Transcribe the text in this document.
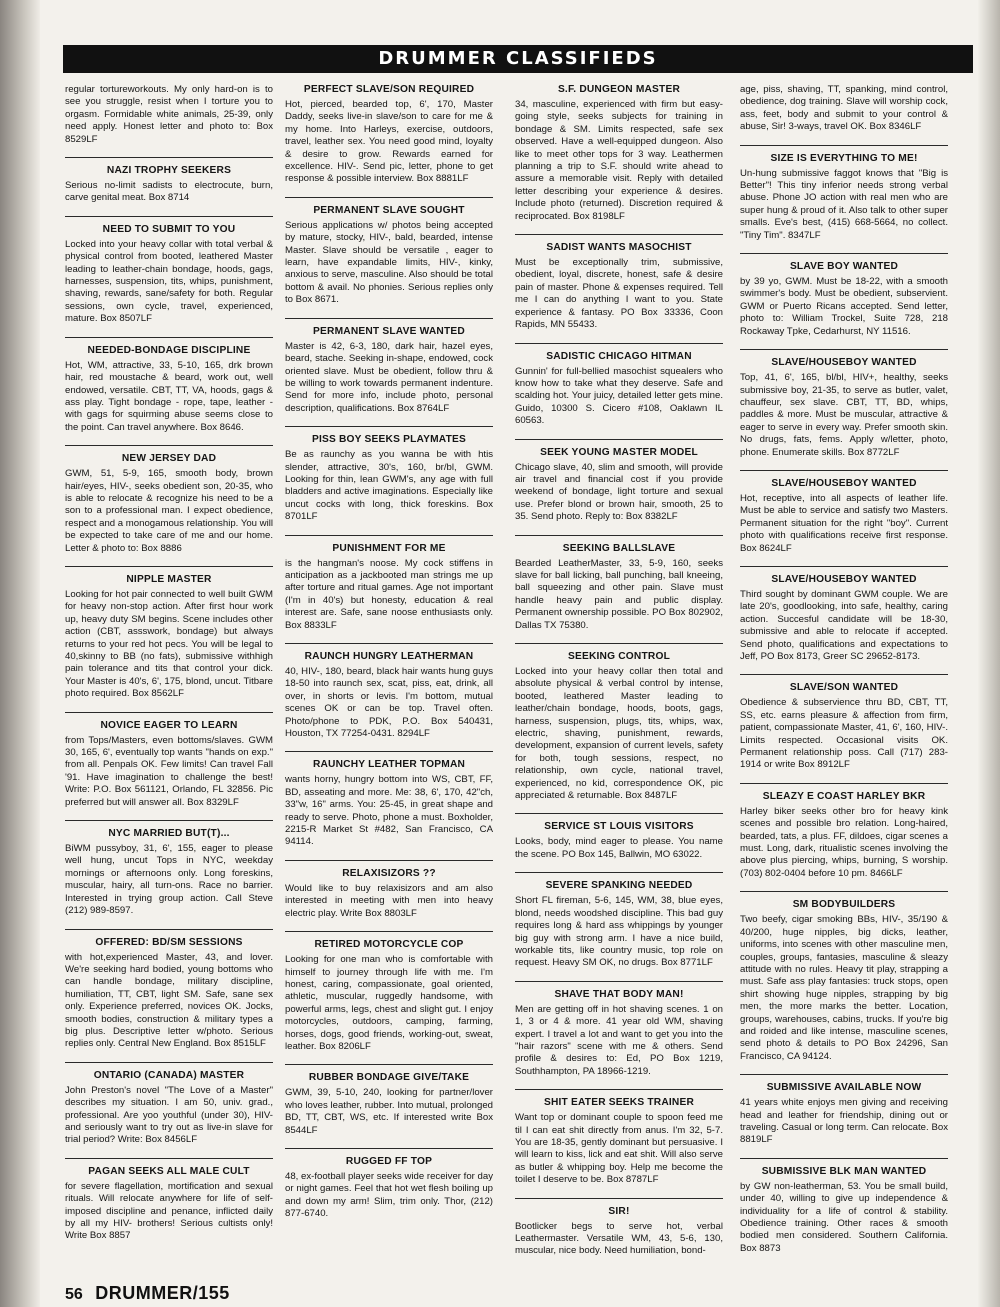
DRUMMER CLASSIFIEDS

regular tortureworkouts. My only hard-on is to see you struggle, resist when I torture you to orgasm. Formidable white animals, 25-39, only need apply. Honest letter and photo to: Box 8529LF

NAZI TROPHY SEEKERS

Serious no-limit sadists to electrocute, burn, carve genital meat. Box 8714

NEED TO SUBMIT TO YOU

Locked into your heavy collar with total verbal & physical control from booted, leathered Master leading to leather-chain bondage, hoods, gags, harnesses, suspension, tits, whips, punishment, shaving, rewards, sane/safety for both. Regular sessions, own cycle, travel, experienced, mature. Box 8507LF

NEEDED-BONDAGE DISCIPLINE

Hot, WM, attractive, 33, 5-10, 165, drk brown hair, red moustache & beard, work out, well endowed, versatile. CBT, TT, VA, hoods, gags & ass play. Tight bondage - rope, tape, leather - with gags for squirming abuse seems close to the point. Can travel anywhere. Box 8646.

NEW JERSEY DAD

GWM, 51, 5-9, 165, smooth body, brown hair/eyes, HIV-, seeks obedient son, 20-35, who is able to relocate & recognize his need to be a son to a professional man. I expect obedience, respect and a monogamous relationship. You will be expected to take care of me and our home. Letter & photo to: Box 8886

NIPPLE MASTER

Looking for hot pair connected to well built GWM for heavy non-stop action. After first hour work up, heavy duty SM begins. Scene includes other action (CBT, assswork, bondage) but always returns to your red hot pecs. You will be legal to 40,skinny to BB (no fats), submissive withhigh pain tolerance and tits that control your dick. Your Master is 40's, 6', 175, blond, uncut. Titbare photo required. Box 8562LF

NOVICE EAGER TO LEARN

from Tops/Masters, even bottoms/slaves. GWM 30, 165, 6', eventually top wants "hands on exp." from all. Penpals OK. Few limits! Can travel Fall '91. Have imagination to challenge the best! Write: P.O. Box 561121, Orlando, FL 32856. Pic preferred but will answer all. Box 8329LF

NYC MARRIED BUT(T)...

BiWM pussyboy, 31, 6', 155, eager to please well hung, uncut Tops in NYC, weekday mornings or afternoons only. Long foreskins, muscular, hairy, all turn-ons. Race no barrier. Interested in trying group action. Call Steve (212) 989-8597.

OFFERED: BD/SM SESSIONS

with hot,experienced Master, 43, and lover. We're seeking hard bodied, young bottoms who can handle bondage, military discipline, humiliation, TT, CBT, light SM. Safe, sane sex only. Experience preferred, novices OK. Jocks, smooth bodies, construction & military types a big plus. Descriptive letter w/photo. Serious replies only. Central New England. Box 8515LF

ONTARIO (CANADA) MASTER

John Preston's novel "The Love of a Master" describes my situation. I am 50, univ. grad., professional. Are yoo youthful (under 30), HIV- and seriously want to try out as live-in slave for trial period? Write: Box 8456LF

PAGAN SEEKS ALL MALE CULT

for severe flagellation, mortification and sexual rituals. Will relocate anywhere for life of self-imposed discipline and penance, inflicted daily by all my HIV- brothers! Serious cultists only! Write Box 8857

PERFECT SLAVE/SON REQUIRED

Hot, pierced, bearded top, 6', 170, Master Daddy, seeks live-in slave/son to care for me & my home. Into Harleys, exercise, outdoors, travel, leather sex. You need good mind, loyalty & desire to grow. Rewards earned for excellence. HIV-. Send pic, letter, phone to get response & possible interview. Box 8881LF

PERMANENT SLAVE SOUGHT

Serious applications w/ photos being accepted by mature, stocky, HIV-, bald, bearded, intense Master. Slave should be versatile , eager to learn, have expandable limits, HIV-, kinky, anxious to serve, masculine. Also should be total bottom & avail. No phonies. Serious replies only to Box 8671.

PERMANENT SLAVE WANTED

Master is 42, 6-3, 180, dark hair, hazel eyes, beard, stache. Seeking in-shape, endowed, cock oriented slave. Must be obedient, follow thru & be willing to work towards permanent indenture. Send for more info, include photo, personal description, qualifications. Box 8764LF

PISS BOY SEEKS PLAYMATES

Be as raunchy as you wanna be with htis slender, attractive, 30's, 160, br/bl, GWM. Looking for thin, lean GWM's, any age with full bladders and active imaginations. Especially like uncut cocks with long, thick foreskins. Box 8701LF

PUNISHMENT FOR ME

is the hangman's noose. My cock stiffens in anticipation as a jackbooted man strings me up after torture and ritual games. Age not important (I'm in 40's) but honesty, education & real interest are. Safe, sane noose enthusiasts only. Box 8833LF

RAUNCH HUNGRY LEATHERMAN

40, HIV-, 180, beard, black hair wants hung guys 18-50 into raunch sex, scat, piss, eat, drink, all over, in shorts or levis. I'm bottom, mutual scenes OK or can be top. Travel often. Photo/phone to PDK, P.O. Box 540431, Houston, TX 77254-0431. 8294LF

RAUNCHY LEATHER TOPMAN

wants horny, hungry bottom into WS, CBT, FF, BD, asseating and more. Me: 38, 6', 170, 42"ch, 33"w, 16" arms. You: 25-45, in great shape and ready to serve. Photo, phone a must. Boxholder, 2215-R Market St #482, San Francisco, CA 94114.

RELAXISIZORS ??

Would like to buy relaxisizors and am also interested in meeting with men into heavy electric play. Write Box 8803LF

RETIRED MOTORCYCLE COP

Looking for one man who is comfortable with himself to journey through life with me. I'm honest, caring, compassionate, goal oriented, athletic, muscular, ruggedly handsome, with powerful arms, legs, chest and slight gut. I enjoy motorcycles, outdoors, camping, farming, horses, dogs, good friends, working-out, sweat, leather. Box 8206LF

RUBBER BONDAGE GIVE/TAKE

GWM, 39, 5-10, 240, looking for partner/lover who loves leather, rubber. Into mutual, prolonged BD, TT, CBT, WS, etc. If interested write Box 8544LF

RUGGED FF TOP

48, ex-football player seeks wide receiver for day or night games. Feel that hot wet flesh boiling up and down my arm! Slim, trim only. Thor, (212) 877-6740.

S.F. DUNGEON MASTER

34, masculine, experienced with firm but easy-going style, seeks subjects for training in bondage & SM. Limits respected, safe sex observed. Have a well-equipped dungeon. Also like to meet other tops for 3 way. Leathermen planning a trip to S.F. should write ahead to assure a memorable visit. Reply with detailed letter describing your experience & desires. Include photo (returned). Discretion required & reciprocated. Box 8198LF

SADIST WANTS MASOCHIST

Must be exceptionally trim, submissive, obedient, loyal, discrete, honest, safe & desire pain of master. Phone & expenses required. Tell me I can do anything I want to you. State experience & fantasy. PO Box 33336, Coon Rapids, MN 55433.

SADISTIC CHICAGO HITMAN

Gunnin' for full-bellied masochist squealers who know how to take what they deserve. Safe and scalding hot. Your juicy, detailed letter gets mine. Guido, 10300 S. Cicero #108, Oaklawn IL 60563.

SEEK YOUNG MASTER MODEL

Chicago slave, 40, slim and smooth, will provide air travel and financial cost if you provide weekend of bondage, light torture and sexual use. Prefer blond or brown hair, smooth, 25 to 35. Send photo. Reply to: Box 8382LF

SEEKING BALLSLAVE

Bearded LeatherMaster, 33, 5-9, 160, seeks slave for ball licking, ball punching, ball kneeing, ball squeezing and other pain. Slave must handle heavy pain and public display. Permanent ownership possible. PO Box 802902, Dallas TX 75380.

SEEKING CONTROL

Locked into your heavy collar then total and absolute physical & verbal control by intense, booted, leathered Master leading to leather/chain bondage, hoods, boots, gags, harness, suspension, plugs, tits, whips, wax, electric, shaving, punishment, rewards, development, expansion of current levels, safety for both, tough sessions, respect, no relationship, own cycle, national travel, experienced, no kid, correspondence OK, pic appreciated & returnable. Box 8487LF

SERVICE ST LOUIS VISITORS

Looks, body, mind eager to please. You name the scene. PO Box 145, Ballwin, MO 63022.

SEVERE SPANKING NEEDED

Short FL fireman, 5-6, 145, WM, 38, blue eyes, blond, needs woodshed discipline. This bad guy requires long & hard ass whippings by younger big guy with strong arm. I have a nice build, workable tits, like country music, top role on request. Heavy SM OK, no drugs. Box 8771LF

SHAVE THAT BODY MAN!

Men are getting off in hot shaving scenes. 1 on 1, 3 or 4 & more. 41 year old WM, shaving expert. I travel a lot and want to get you into the "hair razors" scene with me & others. Send profile & desires to: Ed, PO Box 1219, Southhampton, PA 18966-1219.

SHIT EATER SEEKS TRAINER

Want top or dominant couple to spoon feed me til I can eat shit directly from anus. I'm 32, 5-7. You are 18-35, gently dominant but persuasive. I will learn to kiss, lick and eat shit. Will also serve as butler & whipping boy. Help me become the toilet I deserve to be. Box 8787LF

SIR!

Bootlicker begs to serve hot, verbal Leathermaster. Versatile WM, 43, 5-6, 130, muscular, nice body. Need humiliation, bond-

age, piss, shaving, TT, spanking, mind control, obedience, dog training. Slave will worship cock, ass, feet, body and submit to your control & abuse, Sir! 3-ways, travel OK. Box 8346LF

SIZE IS EVERYTHING TO ME!

Un-hung submissive faggot knows that "Big is Better"! This tiny inferior needs strong verbal abuse. Phone JO action with real men who are super hung & proud of it. Also talk to other super smalls. Eve's best, (415) 668-5664, no collect. "Tiny Tim". 8347LF

SLAVE BOY WANTED

by 39 yo, GWM. Must be 18-22, with a smooth swimmer's body. Must be obedient, subservient. GWM or Puerto Ricans accepted. Send letter, photo to: William Trockel, Suite 728, 218 Rockaway Tpke, Cedarhurst, NY 11516.

SLAVE/HOUSEBOY WANTED

Top, 41, 6', 165, bl/bl, HIV+, healthy, seeks submissive boy, 21-35, to serve as butler, valet, chauffeur, sex slave. CBT, TT, BD, whips, paddles & more. Must be muscular, attractive & eager to serve in every way. Prefer smooth skin. No drugs, fats, fems. Apply w/letter, photo, phone. Enumerate skills. Box 8772LF

SLAVE/HOUSEBOY WANTED

Hot, receptive, into all aspects of leather life. Must be able to service and satisfy two Masters. Permanent situation for the right "boy". Current photo with qualifications receive first response. Box 8624LF

SLAVE/HOUSEBOY WANTED

Third sought by dominant GWM couple. We are late 20's, goodlooking, into safe, healthy, caring action. Succesful candidate will be 18-30, submissive and able to relocate if accepted. Send photo, qualifications and expectations to Jeff, PO Box 8173, Greer SC 29652-8173.

SLAVE/SON WANTED

Obedience & subservience thru BD, CBT, TT, SS, etc. earns pleasure & affection from firm, patient, compassionate Master, 41, 6', 160, HIV-. Limits respected. Occasional visits OK. Permanent relationship poss. Call (717) 283-1914 or write Box 8912LF

SLEAZY E COAST HARLEY BKR

Harley biker seeks other bro for heavy kink scenes and possible bro relation. Long-haired, bearded, tats, a plus. FF, dildoes, cigar scenes a must. Long, dark, ritualistic scenes involving the above plus piercing, whips, burning, S worship. (703) 802-0404 before 10 pm. 8466LF

SM BODYBUILDERS

Two beefy, cigar smoking BBs, HIV-, 35/190 & 40/200, huge nipples, big dicks, leather, uniforms, into scenes with other masculine men, couples, groups, fantasies, masculine & sleazy attitude with no rules. Heavy tit play, strapping a must. Safe ass play fantasies: truck stops, open shirt showing huge nipples, strapping by big men, the more marks the better. Location, groups, warehouses, cabins, trucks. If you're big and roided and like intense, masculine scenes, send photo & details to PO Box 24296, San Francisco, CA 94124.

SUBMISSIVE AVAILABLE NOW

41 years white enjoys men giving and receiving head and leather for friendship, dining out or traveling. Casual or long term. Can relocate. Box 8819LF

SUBMISSIVE BLK MAN WANTED

by GW non-leatherman, 53. You be small build, under 40, willing to give up independence & individuality for a life of control & stability. Obedience training. Other races & smooth bodied men considered. Southern California. Box 8873

56 DRUMMER/155
